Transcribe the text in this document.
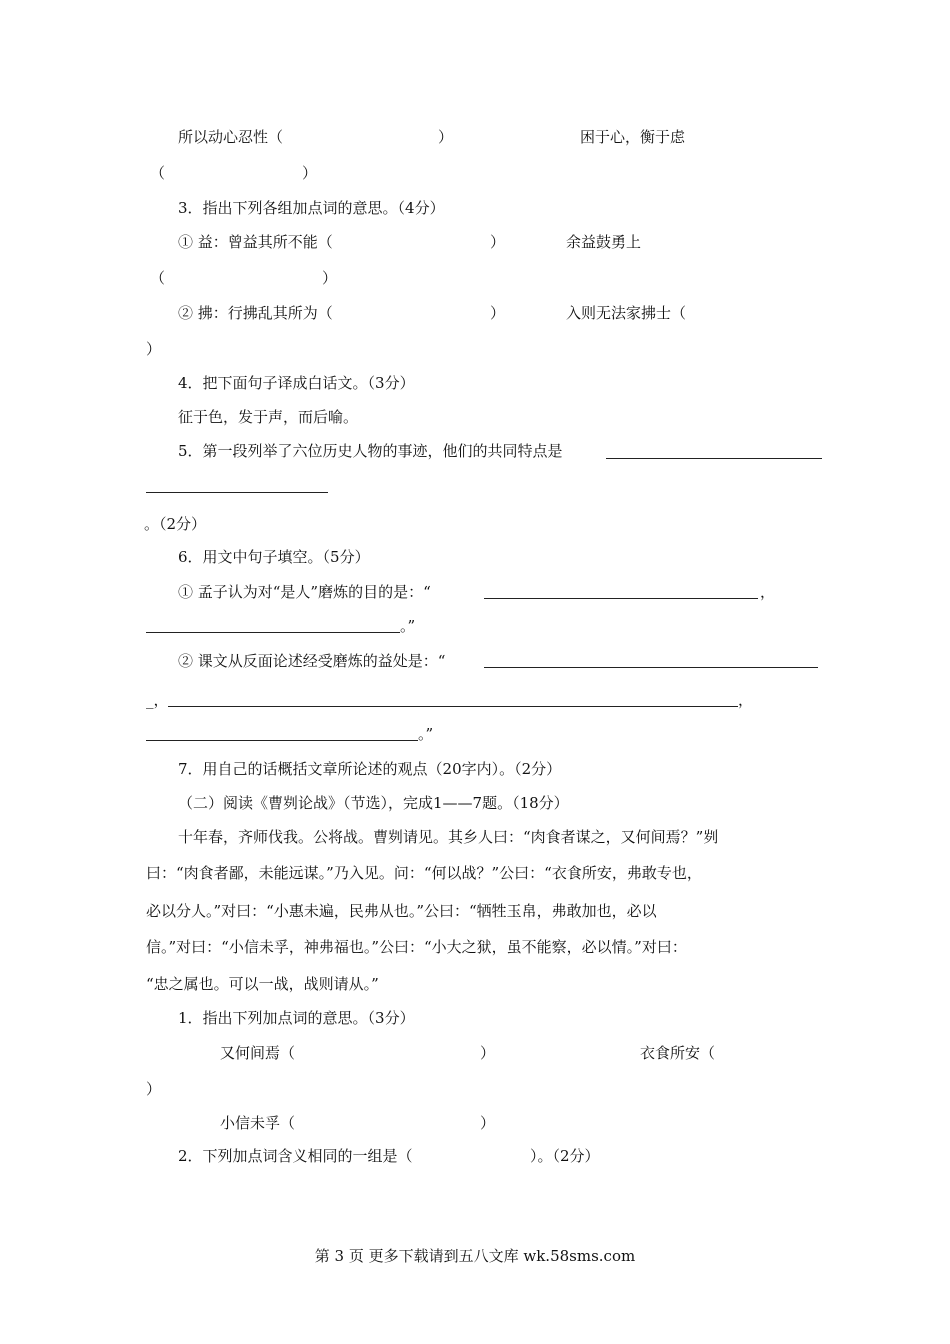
所以动心忍性（	）	困于心，衡于虑
（	）
3．指出下列各组加点词的意思。（4分）
① 益：曾益其所不能（	）	余益鼓勇上
（	）
② 拂：行拂乱其所为（	）	入则无法家拂士（
）
4．把下面句子译成白话文。（3分）
征于色，发于声，而后喻。
5．第一段列举了六位历史人物的事迹，他们的共同特点是
。（2分）
6．用文中句子填空。（5分）
① 孟子认为对“是人”磨炼的目的是：“	，
。”
② 课文从反面论述经受磨炼的益处是：“
_，	，
。”
7．用自己的话概括文章所论述的观点（20字内）。（2分）
（二）阅读《曹刿论战》（节选），完成1——7题。（18分）
十年春，齐师伐我。公将战。曹刿请见。其乡人曰：“肉食者谋之，又何间焉？”刿
曰：“肉食者鄙，未能远谋。”乃入见。问：“何以战？”公曰：“衣食所安，弗敢专也，
必以分人。”对曰：“小惠未遍，民弗从也。”公曰：“牺牲玉帛，弗敢加也，必以
信。”对曰：“小信未孚，神弗福也。”公曰：“小大之狱，虽不能察，必以情。”对曰：
“忠之属也。可以一战，战则请从。”
1．指出下列加点词的意思。（3分）
又何间焉（	）	衣食所安（
）
小信未孚（	）
2．下列加点词含义相同的一组是（	）。（2分）
第 3 页 更多下载请到五八文库 wk.58sms.com
